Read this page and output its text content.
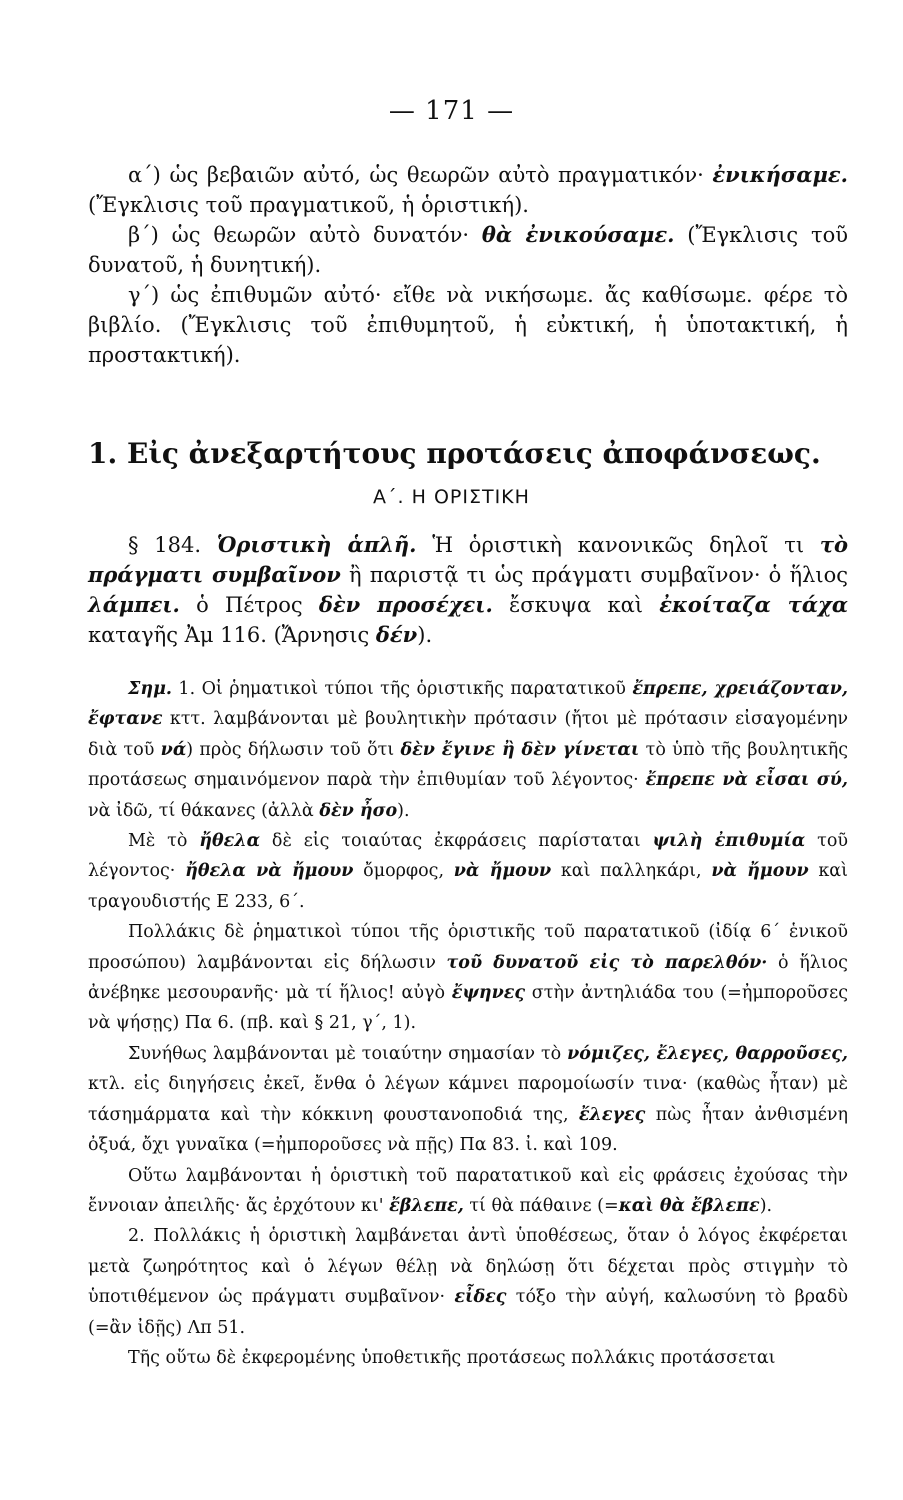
— 171 —

α΄) ὡς βεβαιῶν αὐτό, ὡς θεωρῶν αὐτὸ πραγματικόν· ἐνικήσαμε. (Ἔγκλισις τοῦ πραγματικοῦ, ἡ ὁριστική).

β΄) ὡς θεωρῶν αὐτὸ δυνατόν· θὰ ἐνικούσαμε. (Ἔγκλισις τοῦ δυνατοῦ, ἡ δυνητική).

γ΄) ὡς ἐπιθυμῶν αὐτό· εἴθε νὰ νικήσωμε. ἄς καθίσωμε. φέρε τὸ βιβλίο. (Ἔγκλισις τοῦ ἐπιθυμητοῦ, ἡ εὐκτική, ἡ ὑποτακτική, ἡ προστακτική).

1. Εἰς ἀνεξαρτήτους προτάσεις ἀποφάνσεως.
Α΄. Η ΟΡΙΣΤΙΚΗ

§ 184. Ὁριστικὴ ἁπλῆ. Ἡ ὁριστικὴ κανονικῶς δηλοῖ τι τὸ πράγματι συμβαῖνον ἢ παριστᾷ τι ὡς πράγματι συμβαῖνον· ὁ ἥλιος λάμπει. ὁ Πέτρος δὲν προσέχει. ἔσκυψα καὶ ἐκοίταζα τάχα καταγῆς Ἀμ 116. (Ἄρνησις δέν).

Σημ. 1. Οἱ ῥηματικοὶ τύποι τῆς ὁριστικῆς παρατατικοῦ ἔπρεπε, χρειάζονταν, ἔφτανε κττ. λαμβάνονται μὲ βουλητικὴν πρότασιν (ἤτοι μὲ πρότασιν εἰσαγομένην διὰ τοῦ νά) πρὸς δήλωσιν τοῦ ὅτι δὲν ἔγινε ἢ δὲν γίνεται τὸ ὑπὸ τῆς βουλητικῆς προτάσεως σημαινόμενον παρὰ τὴν ἐπιθυμίαν τοῦ λέγοντος· ἔπρεπε νὰ εἶσαι σύ, νὰ ἰδῶ, τί θάκανες (ἀλλὰ δὲν ἦσο).

Μὲ τὸ ἤθελα δὲ εἰς τοιαύτας ἐκφράσεις παρίσταται ψιλὴ ἐπιθυμία τοῦ λέγοντος· ἤθελα νὰ ἤμουν ὄμορφος, νὰ ἤμουν καὶ παλληκάρι, νὰ ἤμουν καὶ τραγουδιστής Ε 233, 6΄.

Πολλάκις δὲ ῥηματικοὶ τύποι τῆς ὁριστικῆς τοῦ παρατατικοῦ (ἰδίᾳ 6΄ ἑνικοῦ προσώπου) λαμβάνονται εἰς δήλωσιν τοῦ δυνατοῦ εἰς τὸ παρελθόν· ὁ ἥλιος ἀνέβηκε μεσουρανῆς· μὰ τί ἥλιος! αὐγὸ ἔψηνες στὴν ἀντηλιάδα του (=ἠμποροῦσες νὰ ψήσῃς) Πα 6. (πβ. καὶ § 21, γ΄, 1).

Συνήθως λαμβάνονται μὲ τοιαύτην σημασίαν τὸ νόμιζες, ἔλεγες, θαρροῦσες, κτλ. εἰς διηγήσεις ἐκεῖ, ἔνθα ὁ λέγων κάμνει παρομοίωσίν τινα· (καθὼς ἦταν) μὲ τάσημάρματα καὶ τὴν κόκκινη φουστανοποδιά της, ἔλεγες πὼς ἦταν ἀνθισμένη ὀξυά, ὄχι γυναῖκα (=ἠμποροῦσες νὰ πῇς) Πα 83. ἰ. καὶ 109.

Οὕτω λαμβάνονται ἡ ὁριστικὴ τοῦ παρατατικοῦ καὶ εἰς φράσεις ἐχούσας τὴν ἔννοιαν ἀπειλῆς· ἄς ἐρχότουν κι' ἔβλεπε, τί θὰ πάθαινε (=καὶ θὰ ἔβλεπε).

2. Πολλάκις ἡ ὁριστικὴ λαμβάνεται ἀντὶ ὑποθέσεως, ὅταν ὁ λόγος ἐκφέρεται μετὰ ζωηρότητος καὶ ὁ λέγων θέλῃ νὰ δηλώσῃ ὅτι δέχεται πρὸς στιγμὴν τὸ ὑποτιθέμενον ὡς πράγματι συμβαῖνον· εἶδες τόξο τὴν αὐγή, καλωσύνη τὸ βραδὺ (=ἂν ἰδῇς) Λπ 51.

Τῆς οὕτω δὲ ἐκφερομένης ὑποθετικῆς προτάσεως πολλάκις προτάσσεται
